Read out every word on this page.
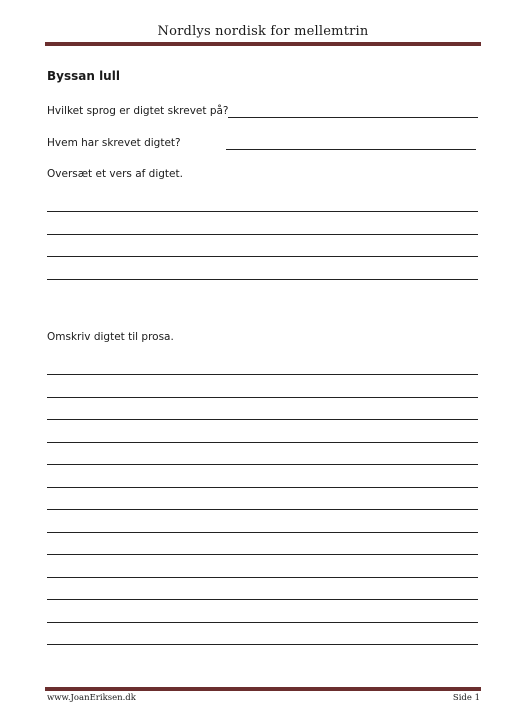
Nordlys nordisk for mellemtrin
Byssan lull
Hvilket sprog er digtet skrevet på?
Hvem har skrevet digtet?
Oversæt et vers af digtet.
Omskriv digtet til prosa.
www.JoanEriksen.dk	Side 1
